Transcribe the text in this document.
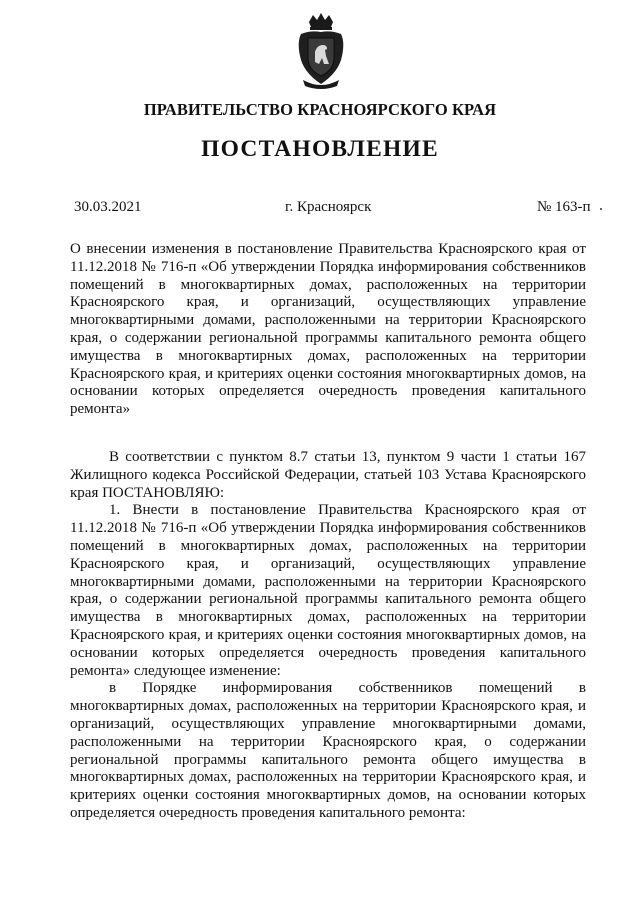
ПРАВИТЕЛЬСТВО КРАСНОЯРСКОГО КРАЯ
ПОСТАНОВЛЕНИЕ
30.03.2021	г. Красноярск	№ 163-п
О внесении изменения в постановление Правительства Красноярского края от 11.12.2018 № 716-п «Об утверждении Порядка информирования собственников помещений в многоквартирных домах, расположенных на территории Красноярского края, и организаций, осуществляющих управление многоквартирными домами, расположенными на территории Красноярского края, о содержании региональной программы капитального ремонта общего имущества в многоквартирных домах, расположенных на территории Красноярского края, и критериях оценки состояния многоквартирных домов, на основании которых определяется очередность проведения капитального ремонта»

В соответствии с пунктом 8.7 статьи 13, пунктом 9 части 1 статьи 167 Жилищного кодекса Российской Федерации, статьей 103 Устава Красноярского края ПОСТАНОВЛЯЮ:

1. Внести в постановление Правительства Красноярского края от 11.12.2018 № 716-п «Об утверждении Порядка информирования собственников помещений в многоквартирных домах, расположенных на территории Красноярского края, и организаций, осуществляющих управление многоквартирными домами, расположенными на территории Красноярского края, о содержании региональной программы капитального ремонта общего имущества в многоквартирных домах, расположенных на территории Красноярского края, и критериях оценки состояния многоквартирных домов, на основании которых определяется очередность проведения капитального ремонта» следующее изменение:

в Порядке информирования собственников помещений в многоквартирных домах, расположенных на территории Красноярского края, и организаций, осуществляющих управление многоквартирными домами, расположенными на территории Красноярского края, о содержании региональной программы капитального ремонта общего имущества в многоквартирных домах, расположенных на территории Красноярского края, и критериях оценки состояния многоквартирных домов, на основании которых определяется очередность проведения капитального ремонта:
